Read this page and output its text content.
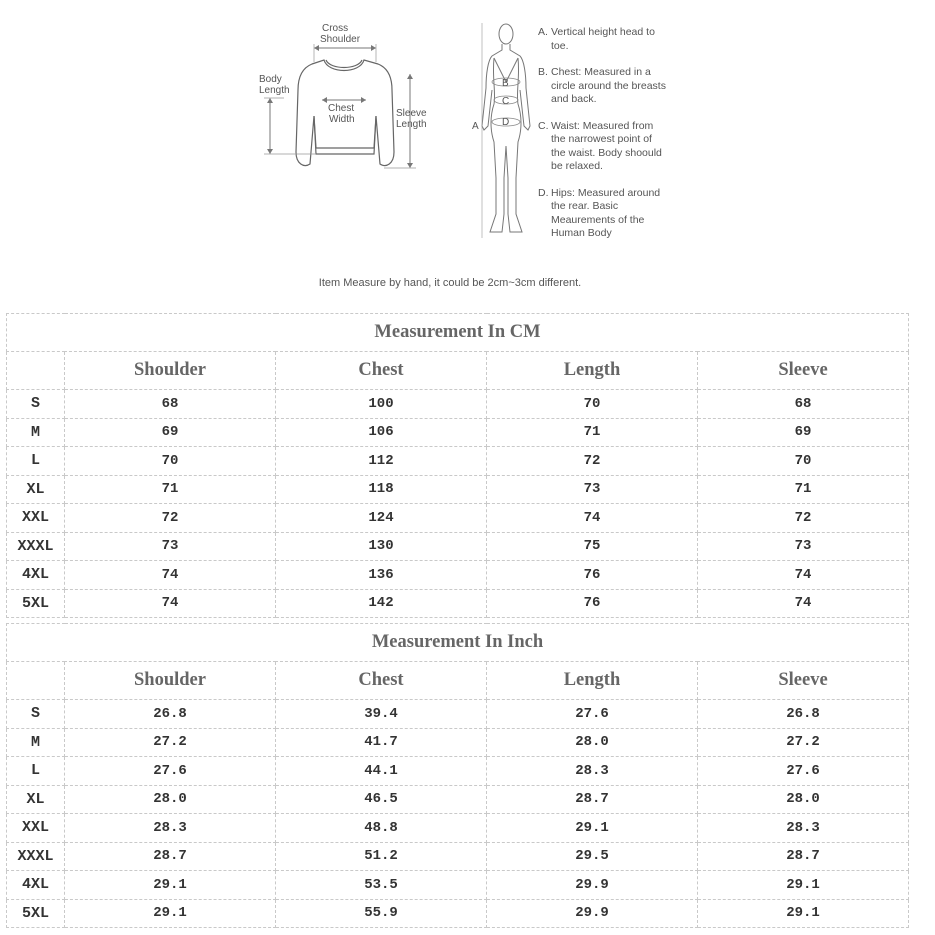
Cross
Shoulder
Body
Length
Chest
Width
Sleeve
Length
B
C
D
A
A. Vertical height head to toe.
B. Chest: Measured in a circle around the breasts and back.
C. Waist: Measured from the narrowest point of the waist. Body shoould be relaxed.
D. Hips: Measured around the rear. Basic Meaurements of the Human Body
Item Measure by hand, it could be 2cm~3cm different.
Measurement In CM				
	Shoulder	Chest	Length	Sleeve
S	68	100	70	68
M	69	106	71	69
L	70	112	72	70
XL	71	118	73	71
XXL	72	124	74	72
XXXL	73	130	75	73
4XL	74	136	76	74
5XL	74	142	76	74
Measurement In Inch				
	Shoulder	Chest	Length	Sleeve
S	26.8	39.4	27.6	26.8
M	27.2	41.7	28.0	27.2
L	27.6	44.1	28.3	27.6
XL	28.0	46.5	28.7	28.0
XXL	28.3	48.8	29.1	28.3
XXXL	28.7	51.2	29.5	28.7
4XL	29.1	53.5	29.9	29.1
5XL	29.1	55.9	29.9	29.1
